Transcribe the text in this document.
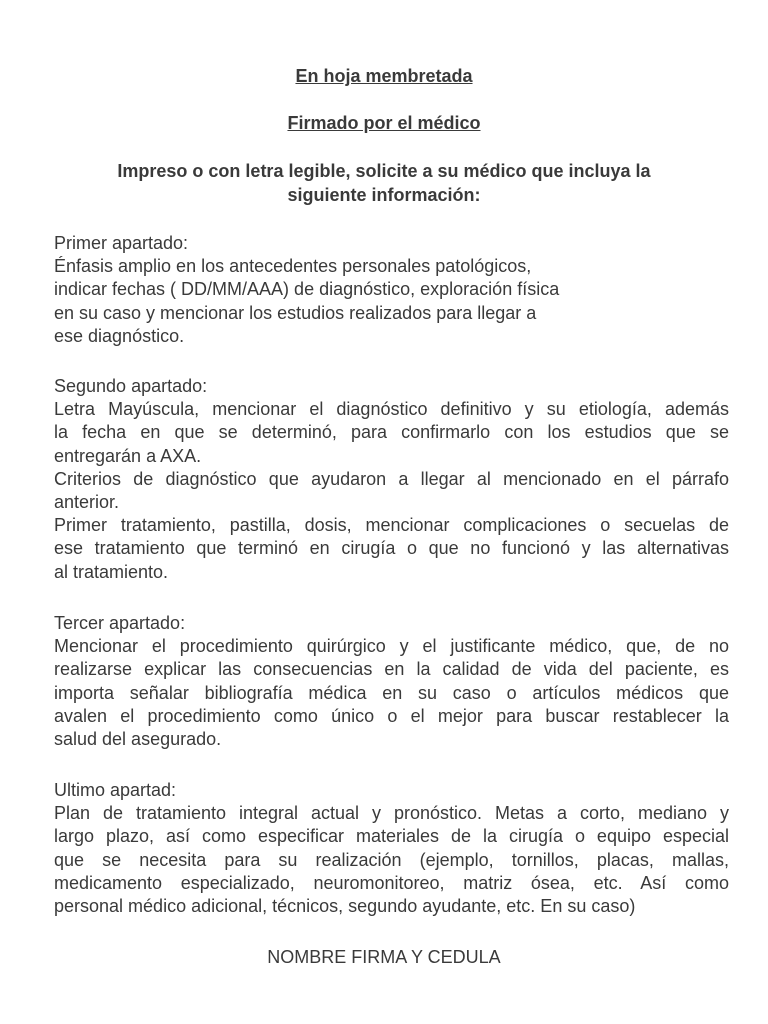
En hoja membretada
Firmado por el médico
Impreso o con letra legible, solicite a su médico que incluya la
siguiente información:
Primer apartado:
Énfasis amplio en los antecedentes personales patológicos,
indicar fechas ( DD/MM/AAA) de diagnóstico, exploración física
en su caso y mencionar los estudios realizados para llegar a
ese diagnóstico.
Segundo apartado:
Letra Mayúscula, mencionar el diagnóstico definitivo y su etiología, además
la fecha en que se determinó, para confirmarlo con los estudios que se
entregarán a AXA.
Criterios de diagnóstico que ayudaron a llegar al mencionado en el párrafo
anterior.
Primer tratamiento, pastilla, dosis, mencionar complicaciones o secuelas de
ese tratamiento que terminó en cirugía o que no funcionó y las alternativas
al tratamiento.
Tercer apartado:
Mencionar el procedimiento quirúrgico y el justificante médico, que, de no
realizarse explicar las consecuencias en la calidad de vida del paciente, es
importa señalar bibliografía médica en su caso o artículos médicos que
avalen el procedimiento como único o el mejor para buscar restablecer la
salud del asegurado.
Ultimo apartad:
Plan de tratamiento integral actual y pronóstico. Metas a corto, mediano y
largo plazo, así como especificar materiales de la cirugía o equipo especial
que se necesita para su realización (ejemplo, tornillos, placas, mallas,
medicamento especializado, neuromonitoreo, matriz ósea, etc. Así como
personal médico adicional, técnicos, segundo ayudante, etc. En su caso)
NOMBRE FIRMA Y CEDULA
